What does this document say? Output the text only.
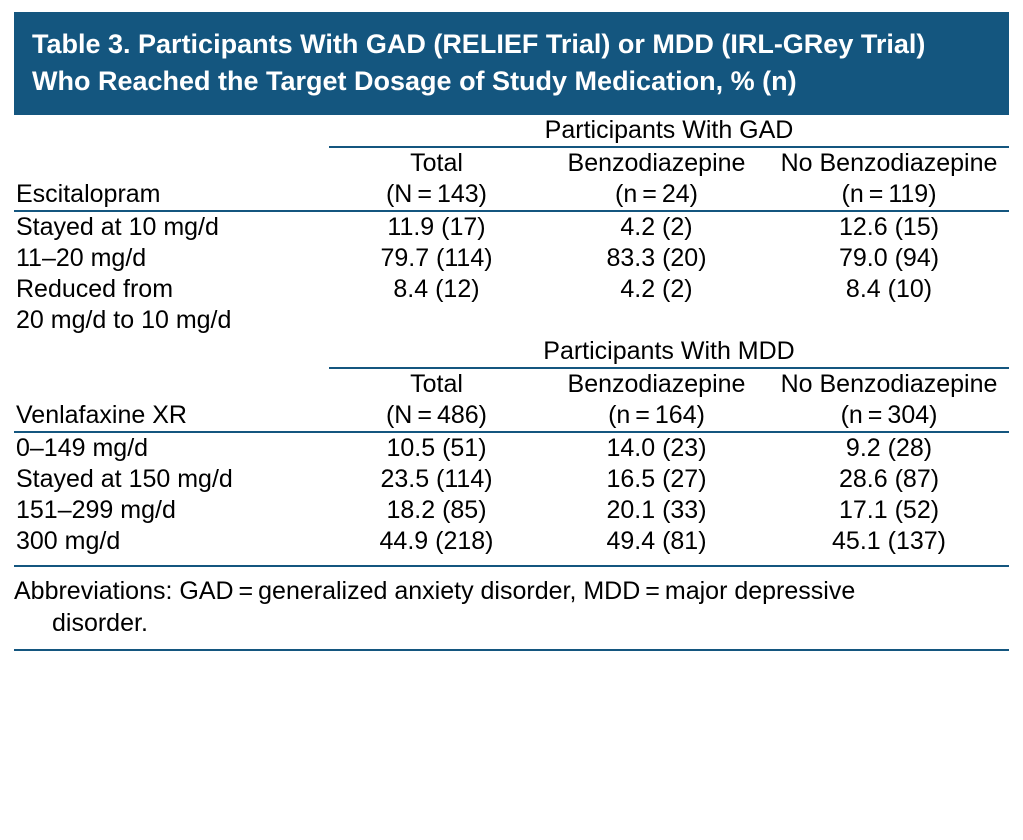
Table 3. Participants With GAD (RELIEF Trial) or MDD (IRL-GRey Trial) Who Reached the Target Dosage of Study Medication, % (n)
	Participants With GAD		
	Total	Benzodiazepine	No Benzodiazepine
Escitalopram	(N = 143)	(n = 24)	(n = 119)
Stayed at 10 mg/d	11.9 (17)	4.2 (2)	12.6 (15)
11–20 mg/d	79.7 (114)	83.3 (20)	79.0 (94)
Reduced from	8.4 (12)	4.2 (2)	8.4 (10)
20 mg/d to 10 mg/d			
	Participants With MDD		
	Total	Benzodiazepine	No Benzodiazepine
Venlafaxine XR	(N = 486)	(n = 164)	(n = 304)
0–149 mg/d	10.5 (51)	14.0 (23)	9.2 (28)
Stayed at 150 mg/d	23.5 (114)	16.5 (27)	28.6 (87)
151–299 mg/d	18.2 (85)	20.1 (33)	17.1 (52)
300 mg/d	44.9 (218)	49.4 (81)	45.1 (137)

Abbreviations: GAD = generalized anxiety disorder, MDD = major depressive
disorder.
